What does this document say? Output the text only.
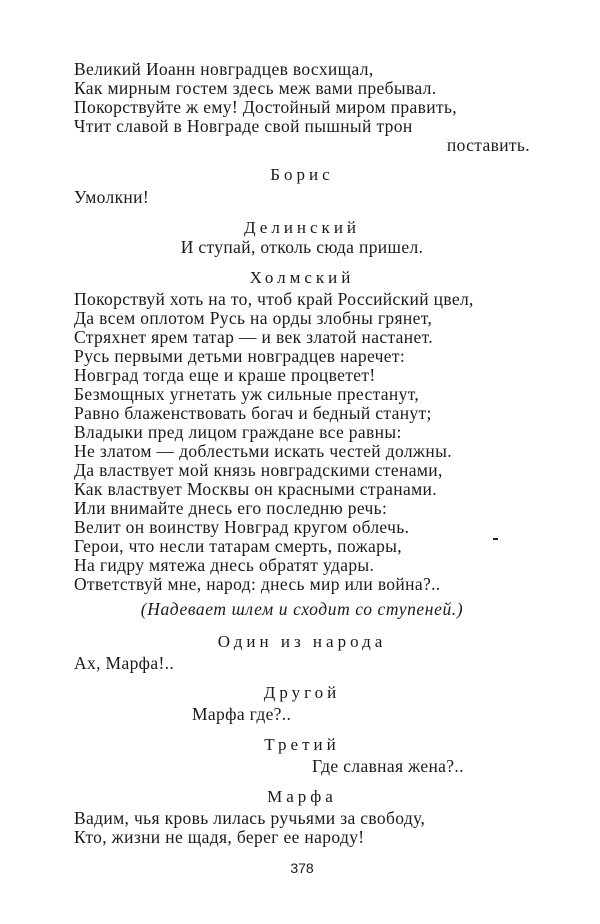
Великий Иоанн новградцев восхищал,
Как мирным гостем здесь меж вами пребывал.
Покорствуйте ж ему! Достойный миром править,
Чтит славой в Новграде свой пышный трон
поставить.
Борис
Умолкни!
Делинский
И ступай, отколь сюда пришел.
Холмский
Покорствуй хоть на то, чтоб край Российский цвел,
Да всем оплотом Русь на орды злобны грянет,
Стряхнет ярем татар — и век златой настанет.
Русь первыми детьми новградцев наречет:
Новград тогда еще и краше процветет!
Безмощных угнетать уж сильные престанут,
Равно блаженствовать богач и бедный станут;
Владыки пред лицом граждане все равны:
Не златом — доблестьми искать честей должны.
Да властвует мой князь новградскими стенами,
Как властвует Москвы он красными странами.
Или внимайте днесь его последню речь:
Велит он воинству Новград кругом облечь.
Герои, что несли татарам смерть, пожары,
На гидру мятежа днесь обратят удары.
Ответствуй мне, народ: днесь мир или война?..
(Надевает шлем и сходит со ступеней.)
Один из народа
Ах, Марфа!..
Другой
Марфа где?..
Третий
Где славная жена?..
Марфа
Вадим, чья кровь лилась ручьями за свободу,
Кто, жизни не щадя, берег ее народу!
378
